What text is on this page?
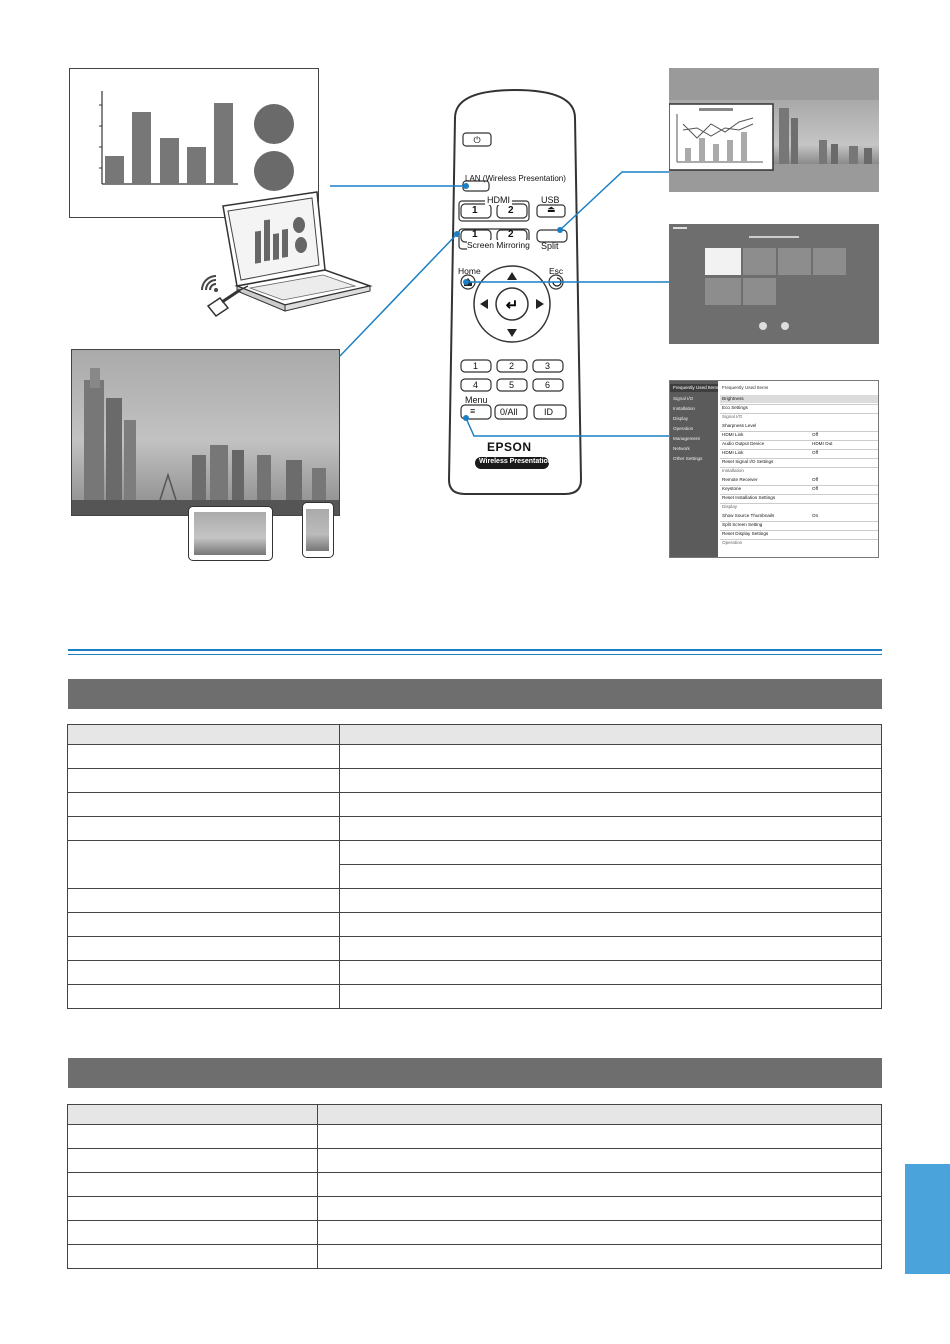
⏻
↵
LAN (Wireless Presentation)
HDMI	USB
1	2	⏏
1	2
Screen Mirroring Split
Home	Esc
1	2	3
4	5	6
Menu
≡	0/All	ID
EPSON
Wireless Presentation
Frequently Used Items
Signal I/O
Installation
Display
Operation
Management
Network
Other Settings
Frequently Used Items
Brightness
Eco Settings
Signal I/O
Sharpness Level
HDMI Link	Off
Audio Output Device	HDMI Out
HDMI Link	Off
Reset Signal I/O Settings
Installation
Remote Receiver	Off
Keystone	Off
Reset Installation Settings
Display
Show Source Thumbnails	On
Split Screen Setting
Reset Display Settings
Operation
